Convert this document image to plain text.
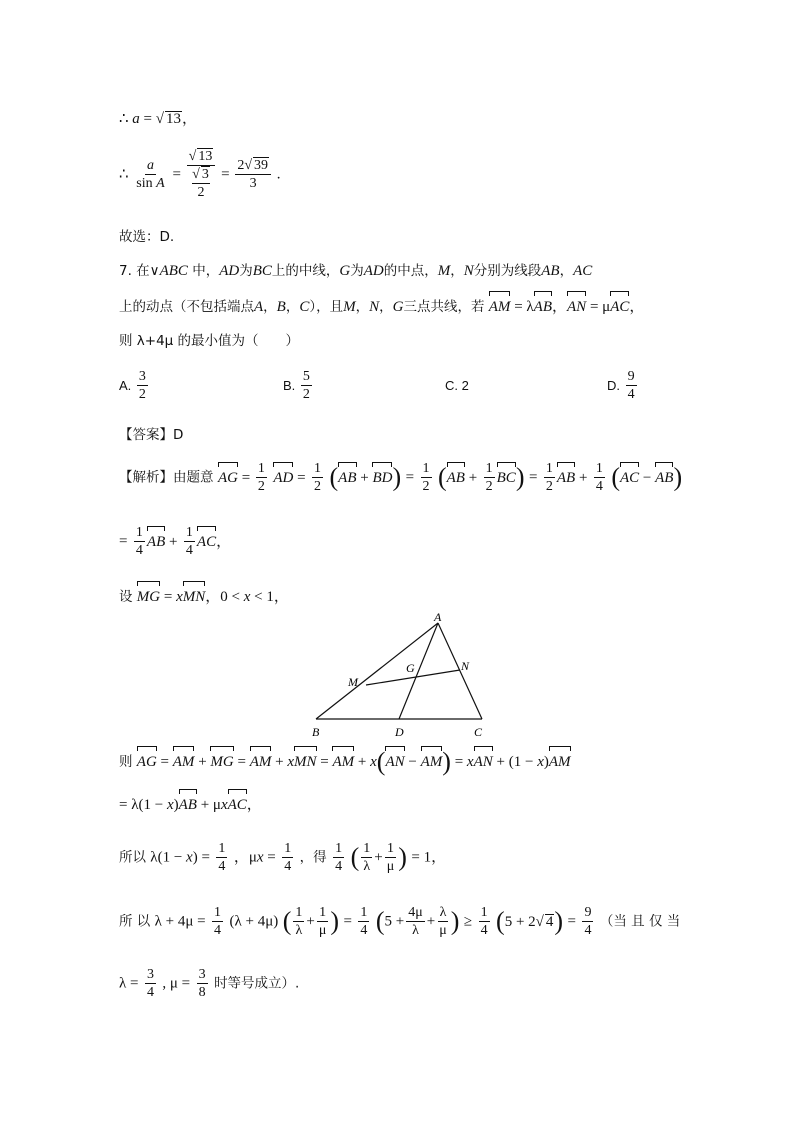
∴ a = √ 13，
∴ $\frac{a}{\text{sin A}}$ = √ 13
√ 3
$2 = \frac{2√ 39}{3}$ .
故选：D.
7. 在∨ABC 中，AD为BC上的中线，G为AD的中点，M，N分别为线段AB，AC
上的动点（不包括端点A，B，C），且M，N，G三点共线，若 AM
= λAB
，AN
= μAC
，
则 λ+4μ 的最小值为（　　）
A. $\frac{3}{2}$	B. $\frac{5}{2}$	C. 2	D. $\frac{9}{4}$
【答案】D
【解析】由题意 AG
= $\frac{1}{2}$ AD
= $\frac{1}{2} (AB$
+ BD
) = $\frac{1}{2} (AB$
+ $\frac{1}{2}$ BC
) = $\frac{1}{2}$ AB
+ $\frac{1}{4} (AC$
− AB
)
= $\frac{1}{4}$ AB
+ $\frac{1}{4}$ AC
，
设 MG
= xMN
，0 < x < 1，
A
B	C
D
M
N
G
则 AG
= AM
+ MG
= AM
+ xMN
= AM
+ x(AN
− AM
) = xAN
+ (1 − x)AM
= λ(1 − x)AB
+ μxAC
，
所以 $\lambda(1 - x) = \frac{1}{4}$ ，$\mu x = \frac{1}{4}$ ，得 $\frac{1}{4}$ ( $\frac{1}{\lambda} + \frac{1}{\mu}$ ) = 1，
所 以 $\lambda + 4\mu = \frac{1}{4} (\lambda + 4\mu)$ ( $\frac{1}{\lambda} + \frac{1}{\mu}$ ) = $\frac{1}{4} (5 + \frac{4\mu}{\lambda} + \frac{\lambda}{\mu}$ ) ≥ $\frac{1}{4} (5 + 2√$ $4) = \frac{9}{4}$ （当 且 仅 当
$\lambda = \frac{3}{4}$ , $\mu = \frac{3}{8}$ 时等号成立）.
